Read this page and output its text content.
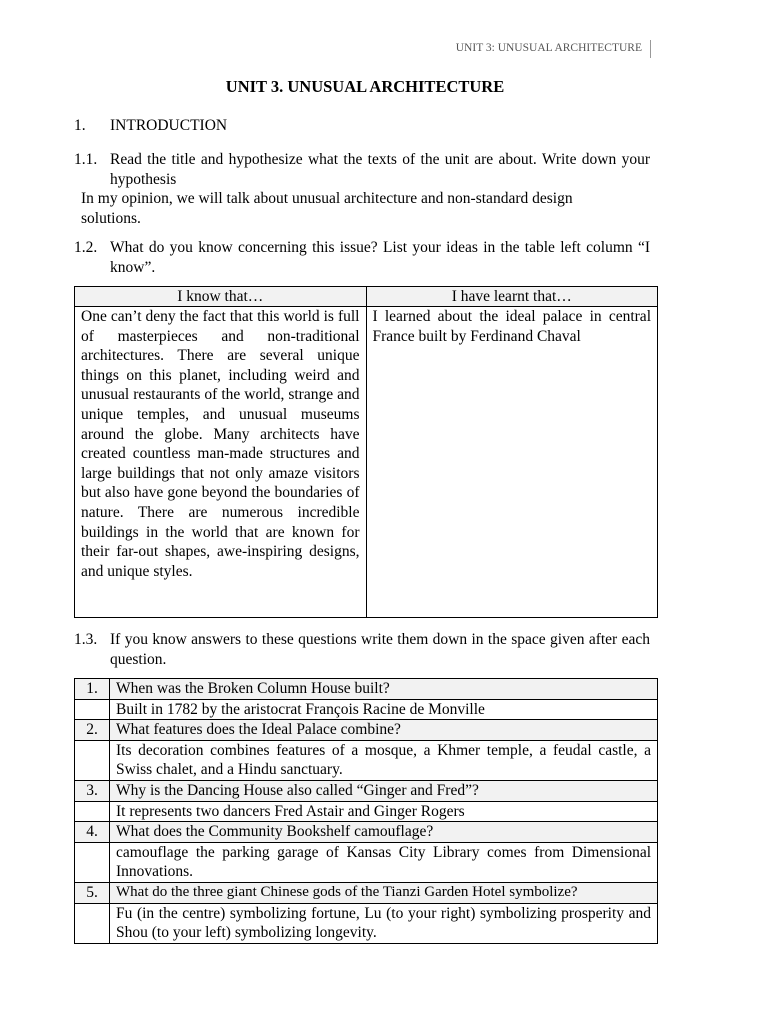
UNIT 3: UNUSUAL ARCHITECTURE
UNIT 3. UNUSUAL ARCHITECTURE
1. INTRODUCTION
1.1. Read the title and hypothesize what the texts of the unit are about. Write down your hypothesis
In my opinion, we will talk about unusual architecture and non-standard design solutions.
1.2. What do you know concerning this issue? List your ideas in the table left column “I know”.
I know that…	I have learnt that…
One can’t deny the fact that this world is full of masterpieces and non-traditional architectures. There are several unique things on this planet, including weird and unusual restaurants of the world, strange and unique temples, and unusual museums around the globe. Many architects have created countless man-made structures and large buildings that not only amaze visitors but also have gone beyond the boundaries of nature. There are numerous incredible buildings in the world that are known for their far-out shapes, awe-inspiring designs, and unique styles.	I learned about the ideal palace in central France built by Ferdinand Chaval
1.3. If you know answers to these questions write them down in the space given after each question.
1.	When was the Broken Column House built?
	Built in 1782 by the aristocrat François Racine de Monville
2.	What features does the Ideal Palace combine?
	Its decoration combines features of a mosque, a Khmer temple, a feudal castle, a Swiss chalet, and a Hindu sanctuary.
3.	Why is the Dancing House also called “Ginger and Fred”?
	It represents two dancers Fred Astair and Ginger Rogers
4.	What does the Community Bookshelf camouflage?
	camouflage the parking garage of Kansas City Library comes from Dimensional Innovations.
5.	What do the three giant Chinese gods of the Tianzi Garden Hotel symbolize?
	Fu (in the centre) symbolizing fortune, Lu (to your right) symbolizing prosperity and Shou (to your left) symbolizing longevity.
